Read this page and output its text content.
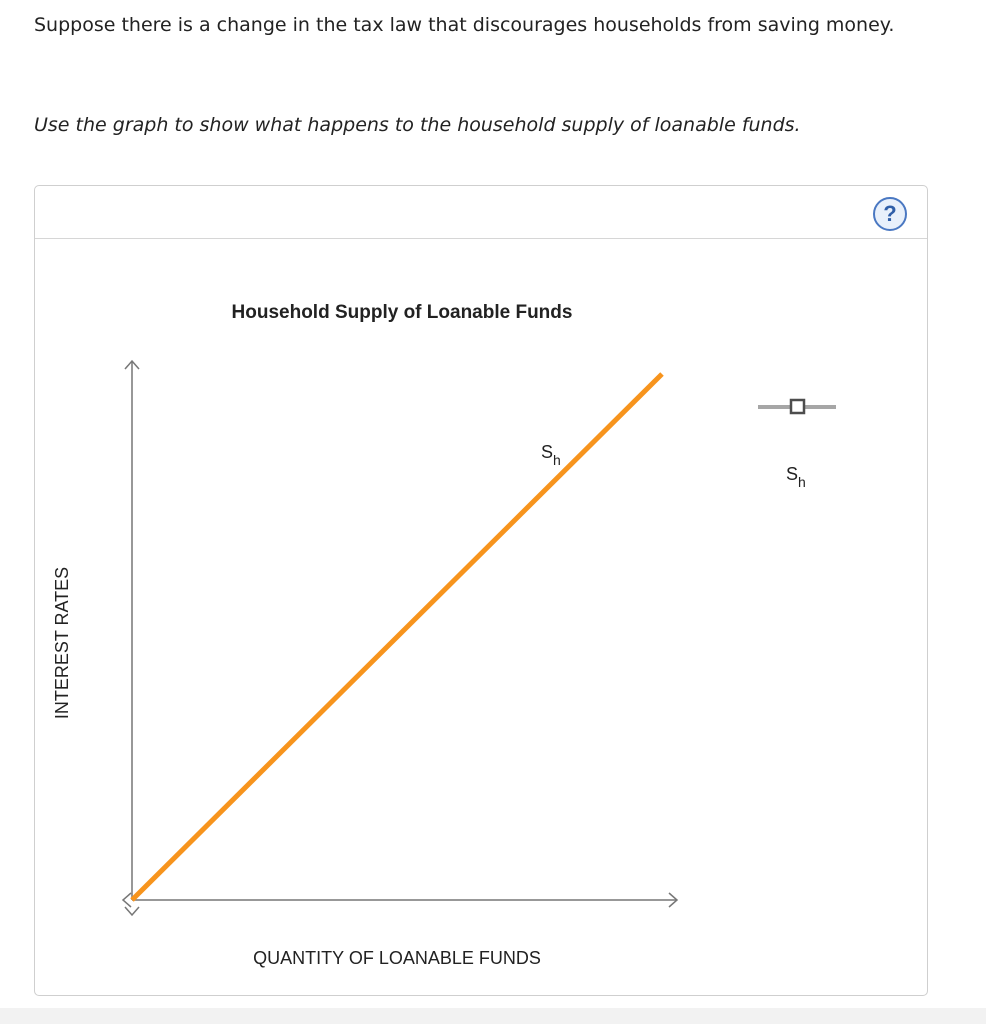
Suppose there is a change in the tax law that discourages households from saving money.
Use the graph to show what happens to the household supply of loanable funds.
?
Household Supply of Loanable Funds
INTEREST RATES
QUANTITY OF LOANABLE FUNDS
$S_h$
$S_h$
